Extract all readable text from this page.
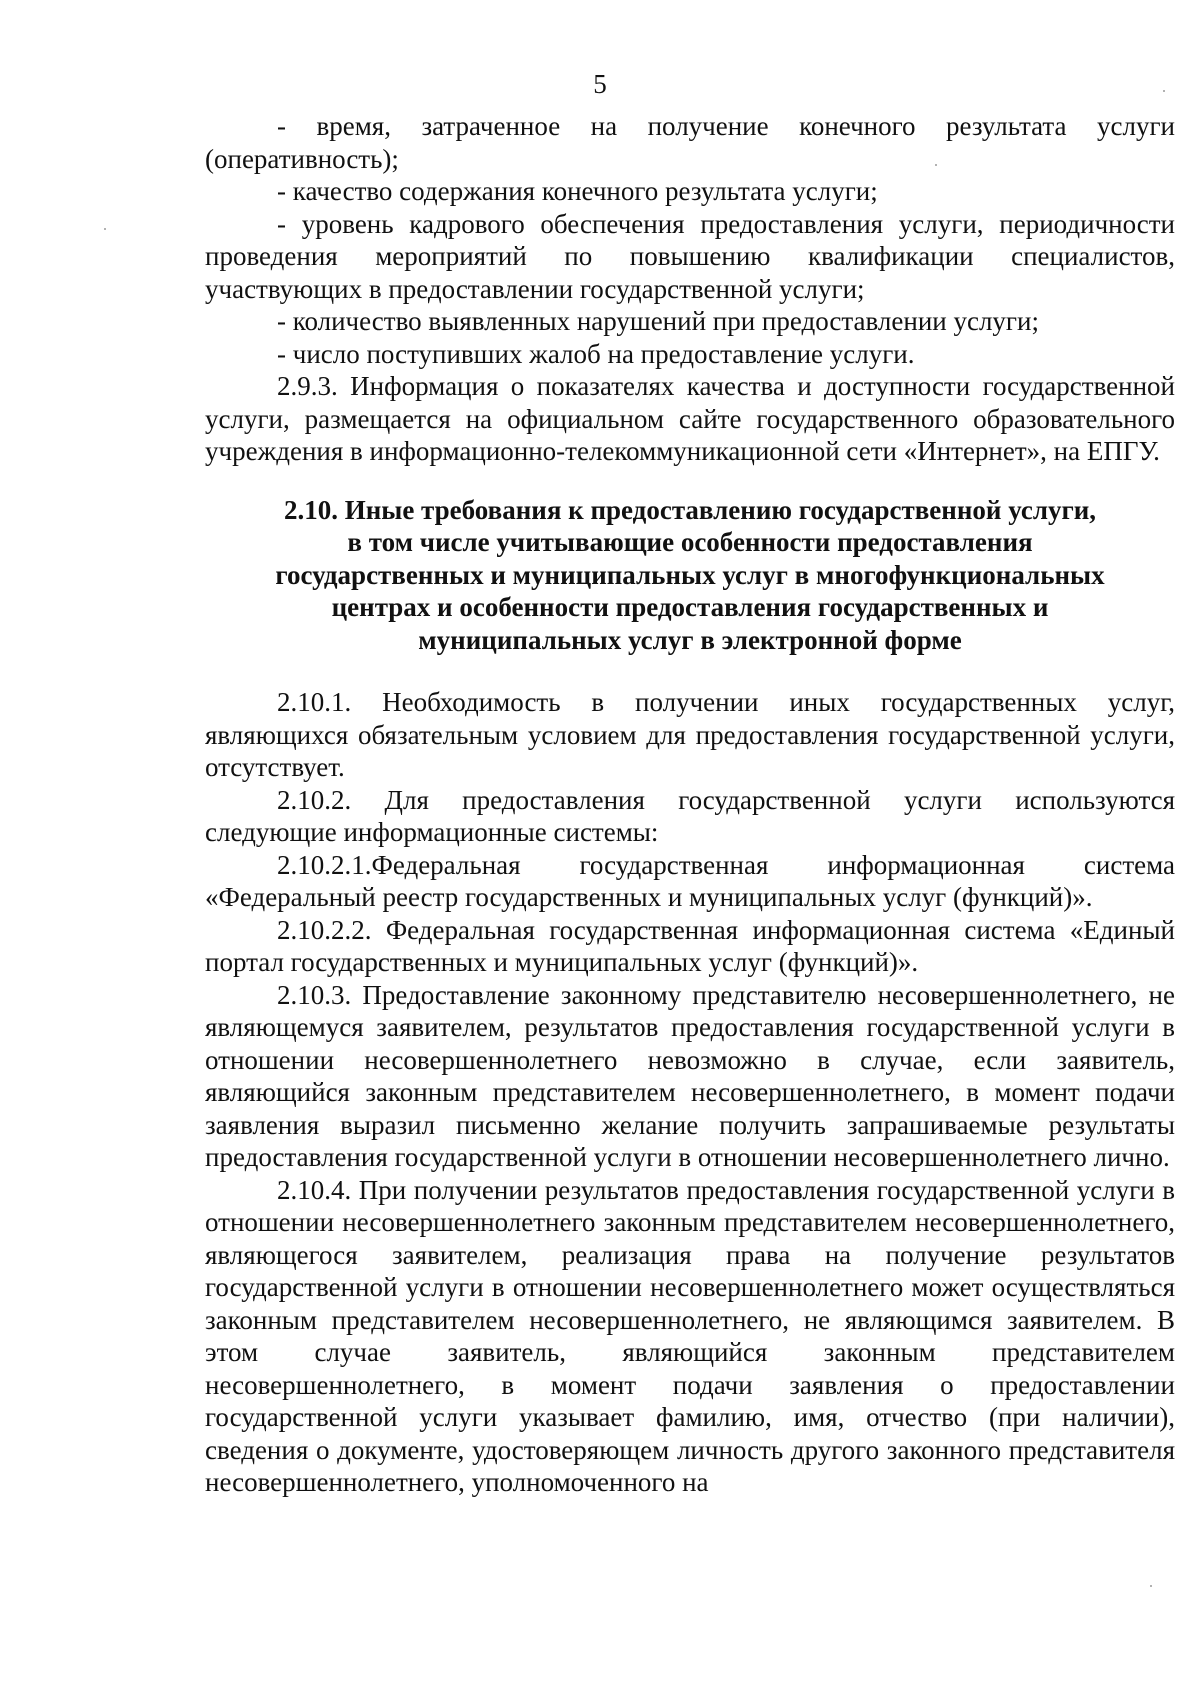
5

- время, затраченное на получение конечного результата услуги (оперативность);

- качество содержания конечного результата услуги;

- уровень кадрового обеспечения предоставления услуги, периодичности проведения мероприятий по повышению квалификации специалистов, участвующих в предоставлении государственной услуги;

- количество выявленных нарушений при предоставлении услуги;

- число поступивших жалоб на предоставление услуги.

2.9.3. Информация о показателях качества и доступности государственной услуги, размещается на официальном сайте государственного образовательного учреждения в информационно-телекоммуникационной сети «Интернет», на ЕПГУ.

2.10. Иные требования к предоставлению государственной услуги,
в том числе учитывающие особенности предоставления
государственных и муниципальных услуг в многофункциональных
центрах и особенности предоставления государственных и
муниципальных услуг в электронной форме

2.10.1. Необходимость в получении иных государственных услуг, являющихся обязательным условием для предоставления государственной услуги, отсутствует.

2.10.2. Для предоставления государственной услуги используются следующие информационные системы:

2.10.2.1.Федеральная государственная информационная система «Федеральный реестр государственных и муниципальных услуг (функций)».

2.10.2.2. Федеральная государственная информационная система «Единый портал государственных и муниципальных услуг (функций)».

2.10.3. Предоставление законному представителю несовершеннолетнего, не являющемуся заявителем, результатов предоставления государственной услуги в отношении несовершеннолетнего невозможно в случае, если заявитель, являющийся законным представителем несовершеннолетнего, в момент подачи заявления выразил письменно желание получить запрашиваемые результаты предоставления государственной услуги в отношении несовершеннолетнего лично.

2.10.4. При получении результатов предоставления государственной услуги в отношении несовершеннолетнего законным представителем несовершеннолетнего, являющегося заявителем, реализация права на получение результатов государственной услуги в отношении несовершеннолетнего может осуществляться законным представителем несовершеннолетнего, не являющимся заявителем. В этом случае заявитель, являющийся законным представителем несовершеннолетнего, в момент подачи заявления о предоставлении государственной услуги указывает фамилию, имя, отчество (при наличии), сведения о документе, удостоверяющем личность другого законного представителя несовершеннолетнего, уполномоченного на
